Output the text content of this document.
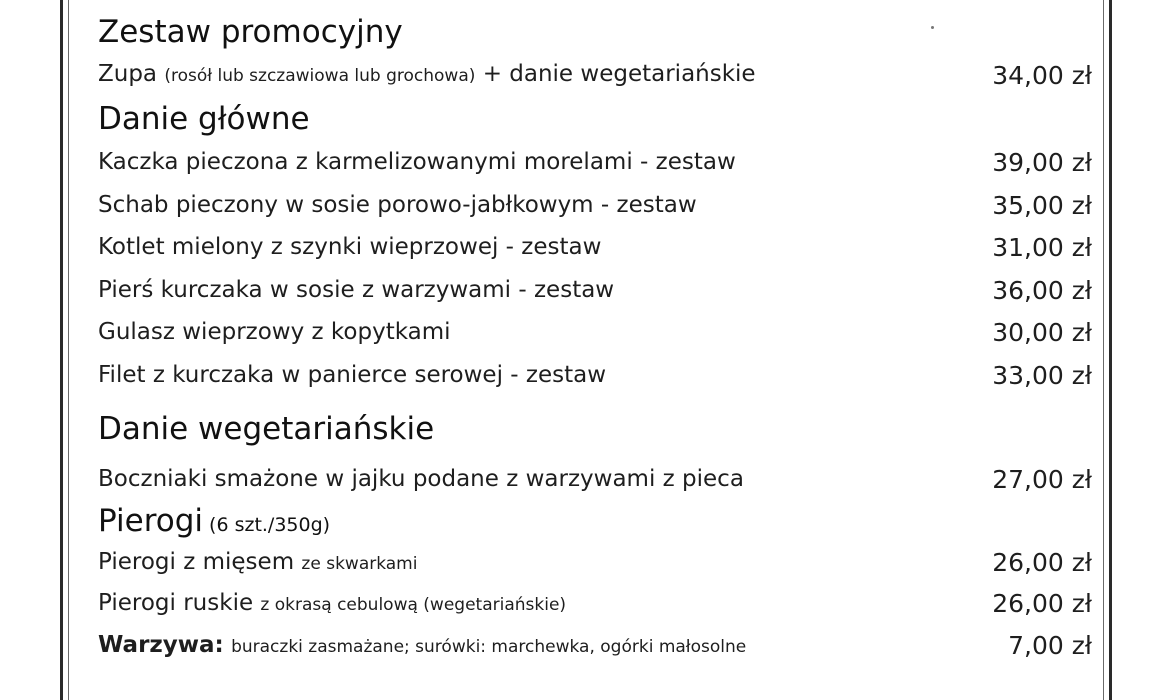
Zestaw promocyjny
Zupa (rosół lub szczawiowa lub grochowa) + danie wegetariańskie	34,00 zł
Danie główne
Kaczka pieczona z karmelizowanymi morelami - zestaw	39,00 zł
Schab pieczony w sosie porowo-jabłkowym - zestaw	35,00 zł
Kotlet mielony z szynki wieprzowej - zestaw	31,00 zł
Pierś kurczaka w sosie z warzywami - zestaw	36,00 zł
Gulasz wieprzowy z kopytkami	30,00 zł
Filet z kurczaka w panierce serowej - zestaw	33,00 zł
Danie wegetariańskie
Boczniaki smażone w jajku podane z warzywami z pieca	27,00 zł
Pierogi (6 szt./350g)
Pierogi z mięsem ze skwarkami	26,00 zł
Pierogi ruskie z okrasą cebulową (wegetariańskie)	26,00 zł
Warzywa: buraczki zasmażane; surówki: marchewka, ogórki małosolne	7,00 zł
